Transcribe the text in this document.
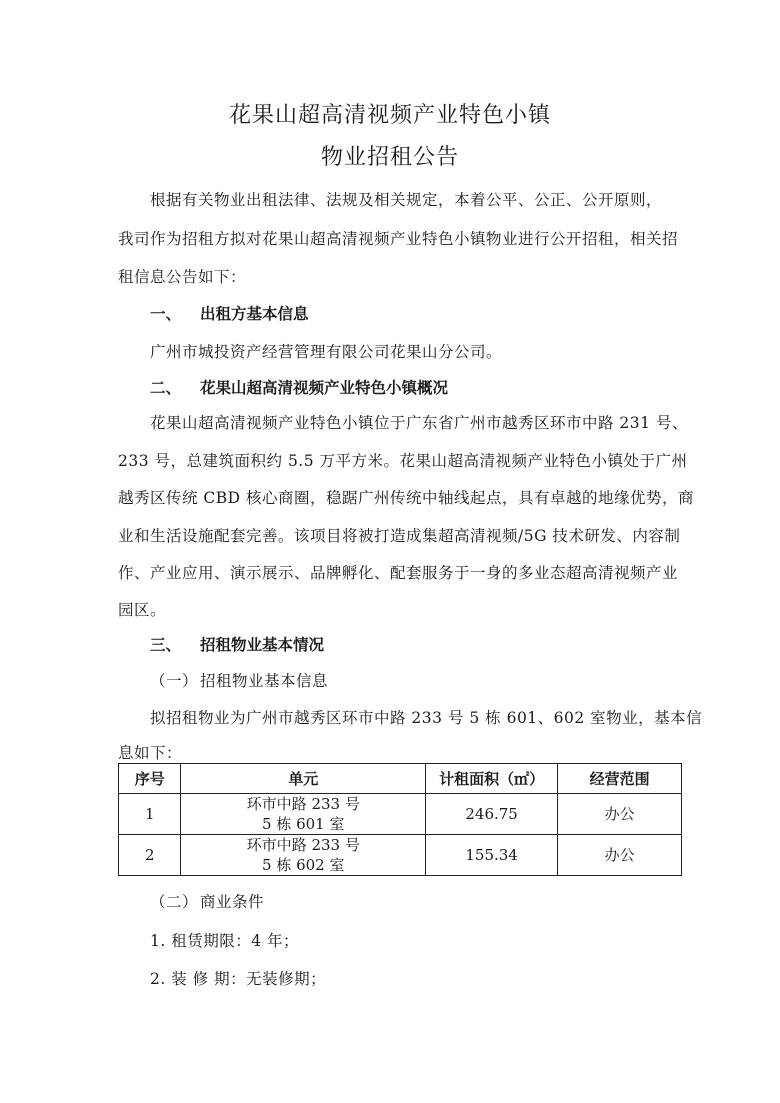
花果山超高清视频产业特色小镇
物业招租公告
根据有关物业出租法律、法规及相关规定，本着公平、公正、公开原则，
我司作为招租方拟对花果山超高清视频产业特色小镇物业进行公开招租，相关招
租信息公告如下：
一、 出租方基本信息
广州市城投资产经营管理有限公司花果山分公司。
二、 花果山超高清视频产业特色小镇概况
花果山超高清视频产业特色小镇位于广东省广州市越秀区环市中路 231 号、
233 号，总建筑面积约 5.5 万平方米。花果山超高清视频产业特色小镇处于广州
越秀区传统 CBD 核心商圈，稳踞广州传统中轴线起点，具有卓越的地缘优势，商
业和生活设施配套完善。该项目将被打造成集超高清视频/5G 技术研发、内容制
作、产业应用、演示展示、品牌孵化、配套服务于一身的多业态超高清视频产业
园区。
三、 招租物业基本情况
（一） 招租物业基本信息
拟招租物业为广州市越秀区环市中路 233 号 5 栋 601、602 室物业，基本信
息如下：
序号	单元	计租面积（㎡）	经营范围
1	环市中路 233 号
5 栋 601 室	246.75	办公
2	环市中路 233 号
5 栋 602 室	155.34	办公
（二） 商业条件
1. 租赁期限：4 年；
2. 装 修 期：无装修期；
